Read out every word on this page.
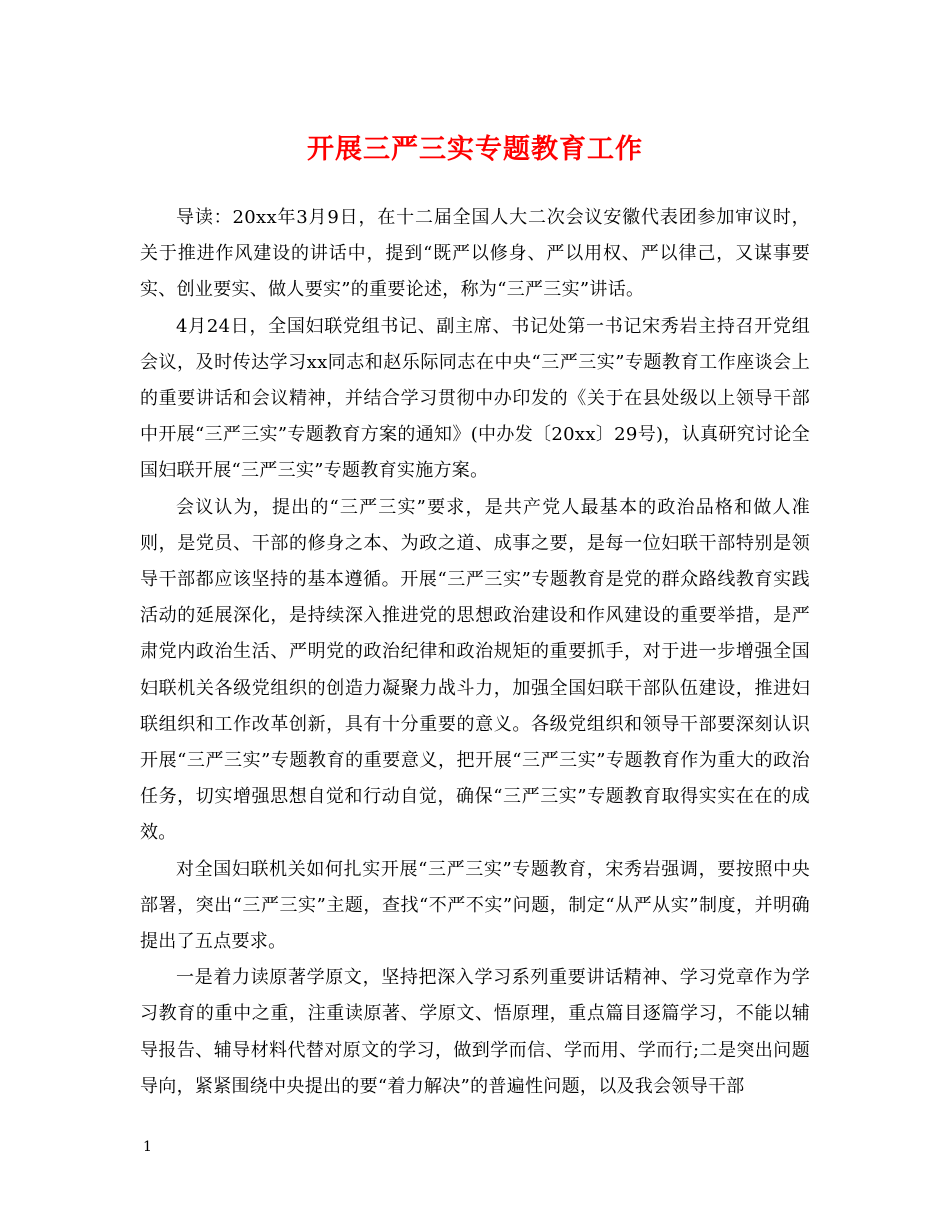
开展三严三实专题教育工作

导读：20xx年3月9日，在十二届全国人大二次会议安徽代表团参加审议时，关于推进作风建设的讲话中，提到“既严以修身、严以用权、严以律己，又谋事要实、创业要实、做人要实”的重要论述，称为“三严三实”讲话。

4月24日，全国妇联党组书记、副主席、书记处第一书记宋秀岩主持召开党组会议，及时传达学习xx同志和赵乐际同志在中央“三严三实”专题教育工作座谈会上的重要讲话和会议精神，并结合学习贯彻中办印发的《关于在县处级以上领导干部中开展“三严三实”专题教育方案的通知》(中办发〔20xx〕29号)，认真研究讨论全国妇联开展“三严三实”专题教育实施方案。

会议认为，提出的“三严三实”要求，是共产党人最基本的政治品格和做人准则，是党员、干部的修身之本、为政之道、成事之要，是每一位妇联干部特别是领导干部都应该坚持的基本遵循。开展“三严三实”专题教育是党的群众路线教育实践活动的延展深化，是持续深入推进党的思想政治建设和作风建设的重要举措，是严肃党内政治生活、严明党的政治纪律和政治规矩的重要抓手，对于进一步增强全国妇联机关各级党组织的创造力凝聚力战斗力，加强全国妇联干部队伍建设，推进妇联组织和工作改革创新，具有十分重要的意义。各级党组织和领导干部要深刻认识开展“三严三实”专题教育的重要意义，把开展“三严三实”专题教育作为重大的政治任务，切实增强思想自觉和行动自觉，确保“三严三实”专题教育取得实实在在的成效。

对全国妇联机关如何扎实开展“三严三实”专题教育，宋秀岩强调，要按照中央部署，突出“三严三实”主题，查找“不严不实”问题，制定“从严从实”制度，并明确提出了五点要求。

一是着力读原著学原文，坚持把深入学习系列重要讲话精神、学习党章作为学习教育的重中之重，注重读原著、学原文、悟原理，重点篇目逐篇学习，不能以辅导报告、辅导材料代替对原文的学习，做到学而信、学而用、学而行;二是突出问题导向，紧紧围绕中央提出的要“着力解决”的普遍性问题，以及我会领导干部

1
